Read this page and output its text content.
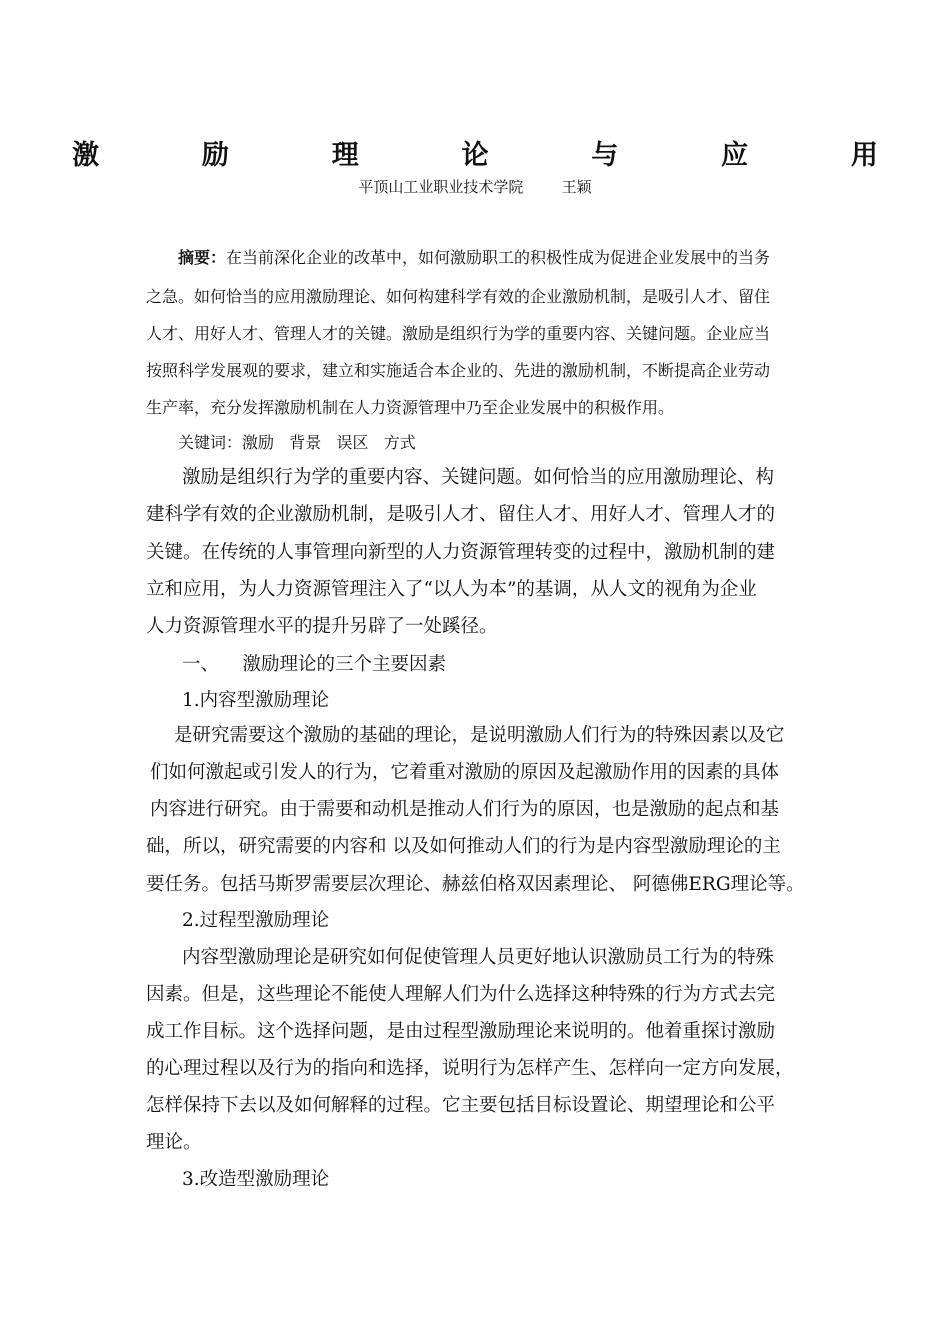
激  励  理  论  与  应  用
平顶山工业职业技术学院        王颖
摘要：在当前深化企业的改革中，如何激励职工的积极性成为促进企业发展中的当务
之急。如何恰当的应用激励理论、如何构建科学有效的企业激励机制，是吸引人才、留住
人才、用好人才、管理人才的关键。激励是组织行为学的重要内容、关键问题。企业应当
按照科学发展观的要求，建立和实施适合本企业的、先进的激励机制，不断提高企业劳动
生产率，充分发挥激励机制在人力资源管理中乃至企业发展中的积极作用。
关键词：激励   背景   误区   方式
激励是组织行为学的重要内容、关键问题。如何恰当的应用激励理论、构
建科学有效的企业激励机制，是吸引人才、留住人才、用好人才、管理人才的
关键。在传统的人事管理向新型的人力资源管理转变的过程中，激励机制的建
立和应用，为人力资源管理注入了“以人为本”的基调，从人文的视角为企业
人力资源管理水平的提升另辟了一处蹊径。
一、    激励理论的三个主要因素
1.内容型激励理论
是研究需要这个激励的基础的理论，是说明激励人们行为的特殊因素以及它
们如何激起或引发人的行为，它着重对激励的原因及起激励作用的因素的具体
内容进行研究。由于需要和动机是推动人们行为的原因，也是激励的起点和基
础，所以，研究需要的内容和 以及如何推动人们的行为是内容型激励理论的主
要任务。包括马斯罗需要层次理论、赫兹伯格双因素理论、 阿德佛ERG理论等。
2.过程型激励理论
内容型激励理论是研究如何促使管理人员更好地认识激励员工行为的特殊
因素。但是，这些理论不能使人理解人们为什么选择这种特殊的行为方式去完
成工作目标。这个选择问题，是由过程型激励理论来说明的。他着重探讨激励
的心理过程以及行为的指向和选择，说明行为怎样产生、怎样向一定方向发展，
怎样保持下去以及如何解释的过程。它主要包括目标设置论、期望理论和公平
理论。
3.改造型激励理论
